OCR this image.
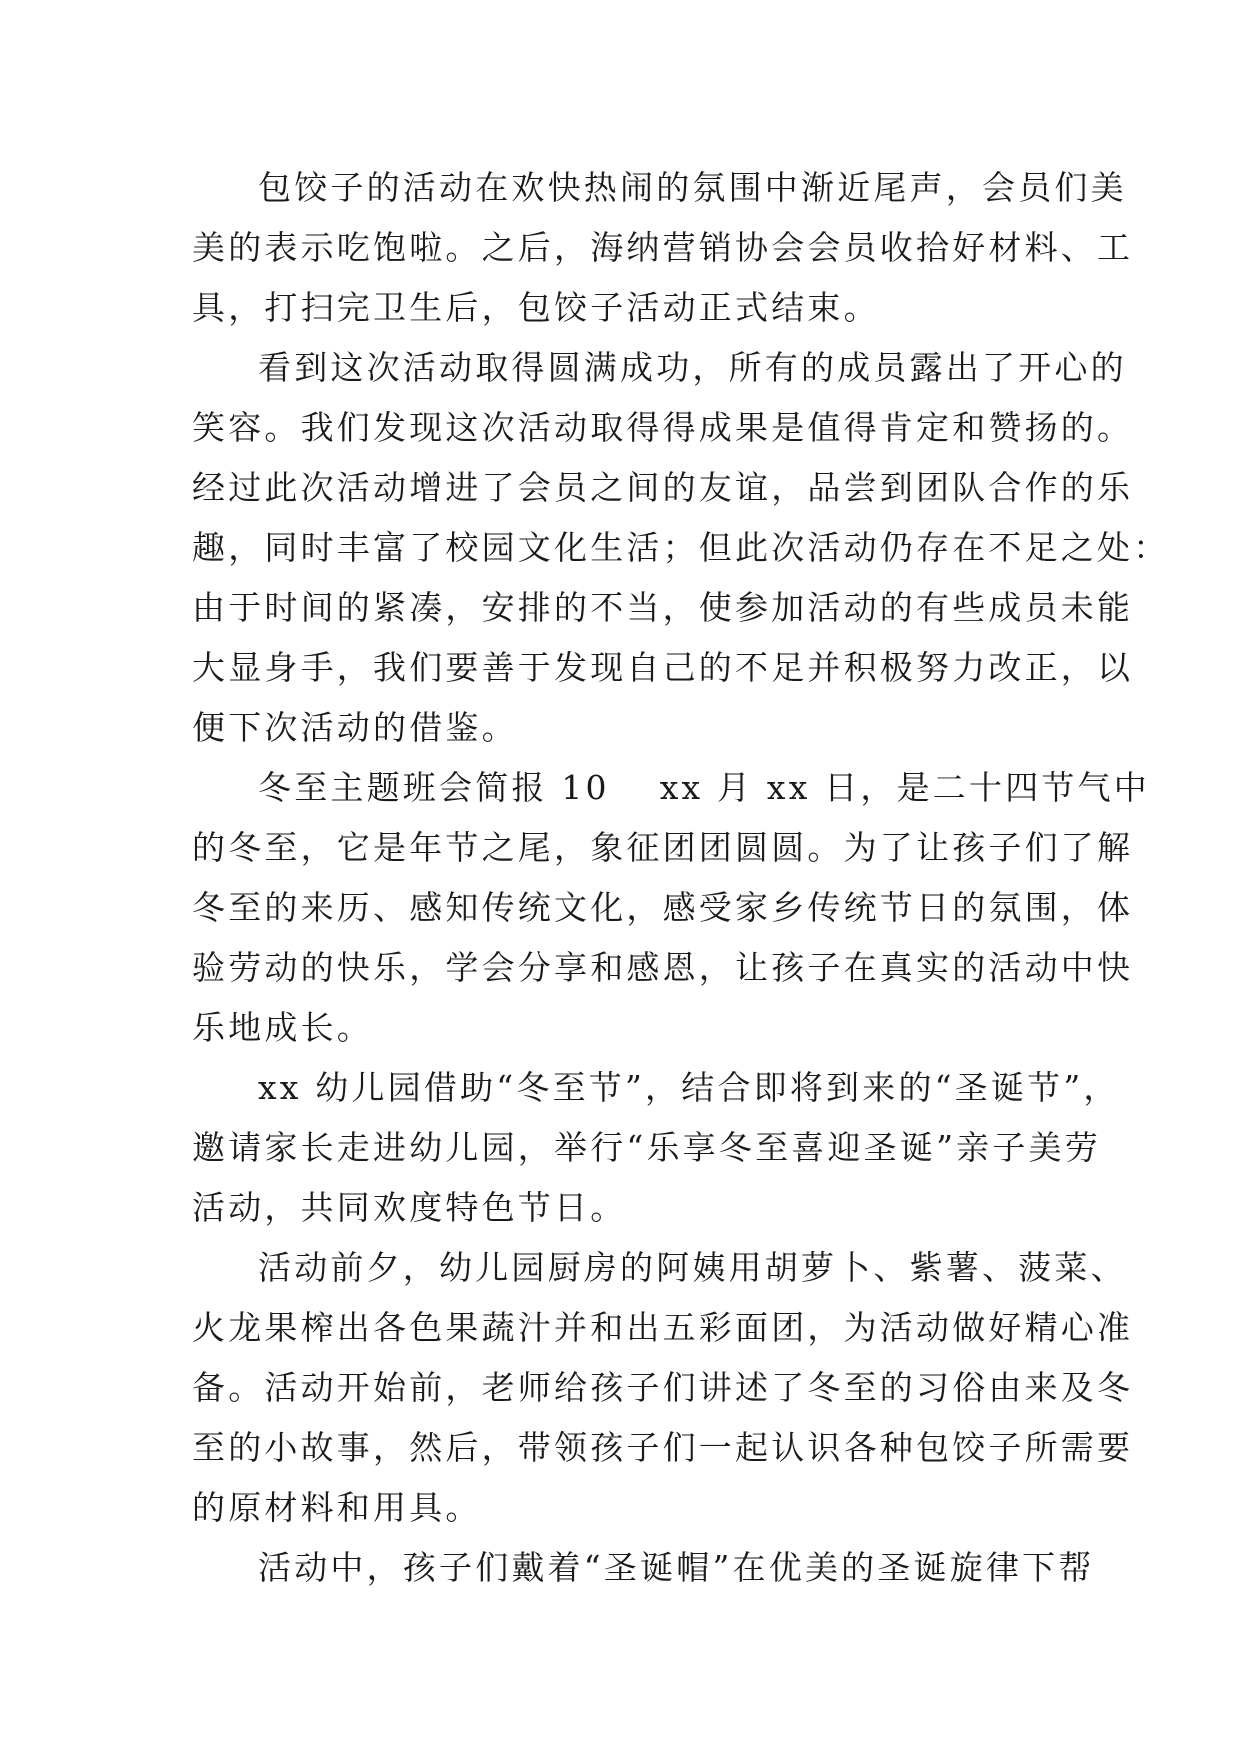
包饺子的活动在欢快热闹的氛围中渐近尾声，会员们美
美的表示吃饱啦。之后，海纳营销协会会员收拾好材料、工
具，打扫完卫生后，包饺子活动正式结束。
看到这次活动取得圆满成功，所有的成员露出了开心的
笑容。我们发现这次活动取得得成果是值得肯定和赞扬的。
经过此次活动增进了会员之间的友谊，品尝到团队合作的乐
趣，同时丰富了校园文化生活；但此次活动仍存在不足之处：
由于时间的紧凑，安排的不当，使参加活动的有些成员未能
大显身手，我们要善于发现自己的不足并积极努力改正，以
便下次活动的借鉴。
冬至主题班会简报 10 xx 月 xx 日，是二十四节气中
的冬至，它是年节之尾，象征团团圆圆。为了让孩子们了解
冬至的来历、感知传统文化，感受家乡传统节日的氛围，体
验劳动的快乐，学会分享和感恩，让孩子在真实的活动中快
乐地成长。
xx 幼儿园借助“冬至节”，结合即将到来的“圣诞节”，
邀请家长走进幼儿园，举行“乐享冬至喜迎圣诞”亲子美劳
活动，共同欢度特色节日。
活动前夕，幼儿园厨房的阿姨用胡萝卜、紫薯、菠菜、
火龙果榨出各色果蔬汁并和出五彩面团，为活动做好精心准
备。活动开始前，老师给孩子们讲述了冬至的习俗由来及冬
至的小故事，然后，带领孩子们一起认识各种包饺子所需要
的原材料和用具。
活动中，孩子们戴着“圣诞帽”在优美的圣诞旋律下帮
